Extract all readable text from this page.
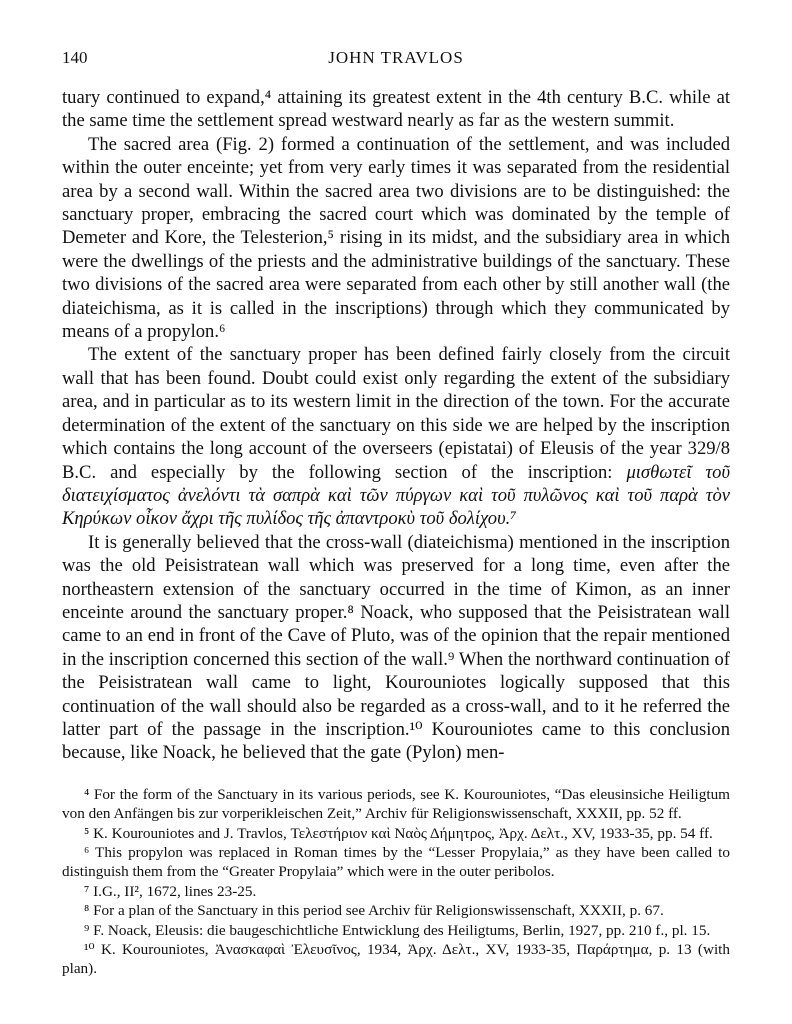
140	JOHN TRAVLOS

tuary continued to expand,⁴ attaining its greatest extent in the 4th century B.C. while at the same time the settlement spread westward nearly as far as the western summit.

The sacred area (Fig. 2) formed a continuation of the settlement, and was included within the outer enceinte; yet from very early times it was separated from the residential area by a second wall. Within the sacred area two divisions are to be distinguished: the sanctuary proper, embracing the sacred court which was dominated by the temple of Demeter and Kore, the Telesterion,⁵ rising in its midst, and the subsidiary area in which were the dwellings of the priests and the administrative buildings of the sanctuary. These two divisions of the sacred area were separated from each other by still another wall (the diateichisma, as it is called in the inscriptions) through which they communicated by means of a propylon.⁶

The extent of the sanctuary proper has been defined fairly closely from the circuit wall that has been found. Doubt could exist only regarding the extent of the subsidiary area, and in particular as to its western limit in the direction of the town. For the accurate determination of the extent of the sanctuary on this side we are helped by the inscription which contains the long account of the overseers (epistatai) of Eleusis of the year 329/8 B.C. and especially by the following section of the inscription: μισθωτεῖ τοῦ διατειχίσματος ἀνελόντι τὰ σαπρὰ καὶ τῶν πύργων καὶ τοῦ πυλῶνος καὶ τοῦ παρὰ τὸν Κηρύκων οἶκον ἄχρι τῆς πυλίδος τῆς ἀπαντροκὺ τοῦ δολίχου.⁷

It is generally believed that the cross-wall (diateichisma) mentioned in the inscription was the old Peisistratean wall which was preserved for a long time, even after the northeastern extension of the sanctuary occurred in the time of Kimon, as an inner enceinte around the sanctuary proper.⁸ Noack, who supposed that the Peisistratean wall came to an end in front of the Cave of Pluto, was of the opinion that the repair mentioned in the inscription concerned this section of the wall.⁹ When the northward continuation of the Peisistratean wall came to light, Kourouniotes logically supposed that this continuation of the wall should also be regarded as a cross-wall, and to it he referred the latter part of the passage in the inscription.¹⁰ Kourouniotes came to this conclusion because, like Noack, he believed that the gate (Pylon) men-

⁴ For the form of the Sanctuary in its various periods, see K. Kourouniotes, “Das eleusinsiche Heiligtum von den Anfängen bis zur vorperikleischen Zeit,” Archiv für Religionswissenschaft, XXXII, pp. 52 ff.

⁵ K. Kourouniotes and J. Travlos, Τελεστήριον καὶ Ναὸς Δήμητρος, Ἀρχ. Δελτ., XV, 1933-35, pp. 54 ff.

⁶ This propylon was replaced in Roman times by the “Lesser Propylaia,” as they have been called to distinguish them from the “Greater Propylaia” which were in the outer peribolos.

⁷ I.G., II², 1672, lines 23-25.

⁸ For a plan of the Sanctuary in this period see Archiv für Religionswissenschaft, XXXII, p. 67.

⁹ F. Noack, Eleusis: die baugeschichtliche Entwicklung des Heiligtums, Berlin, 1927, pp. 210 f., pl. 15.

¹⁰ K. Kourouniotes, Ἀνασκαφαὶ Ἐλευσῖνος, 1934, Ἀρχ. Δελτ., XV, 1933-35, Παράρτημα, p. 13 (with plan).
